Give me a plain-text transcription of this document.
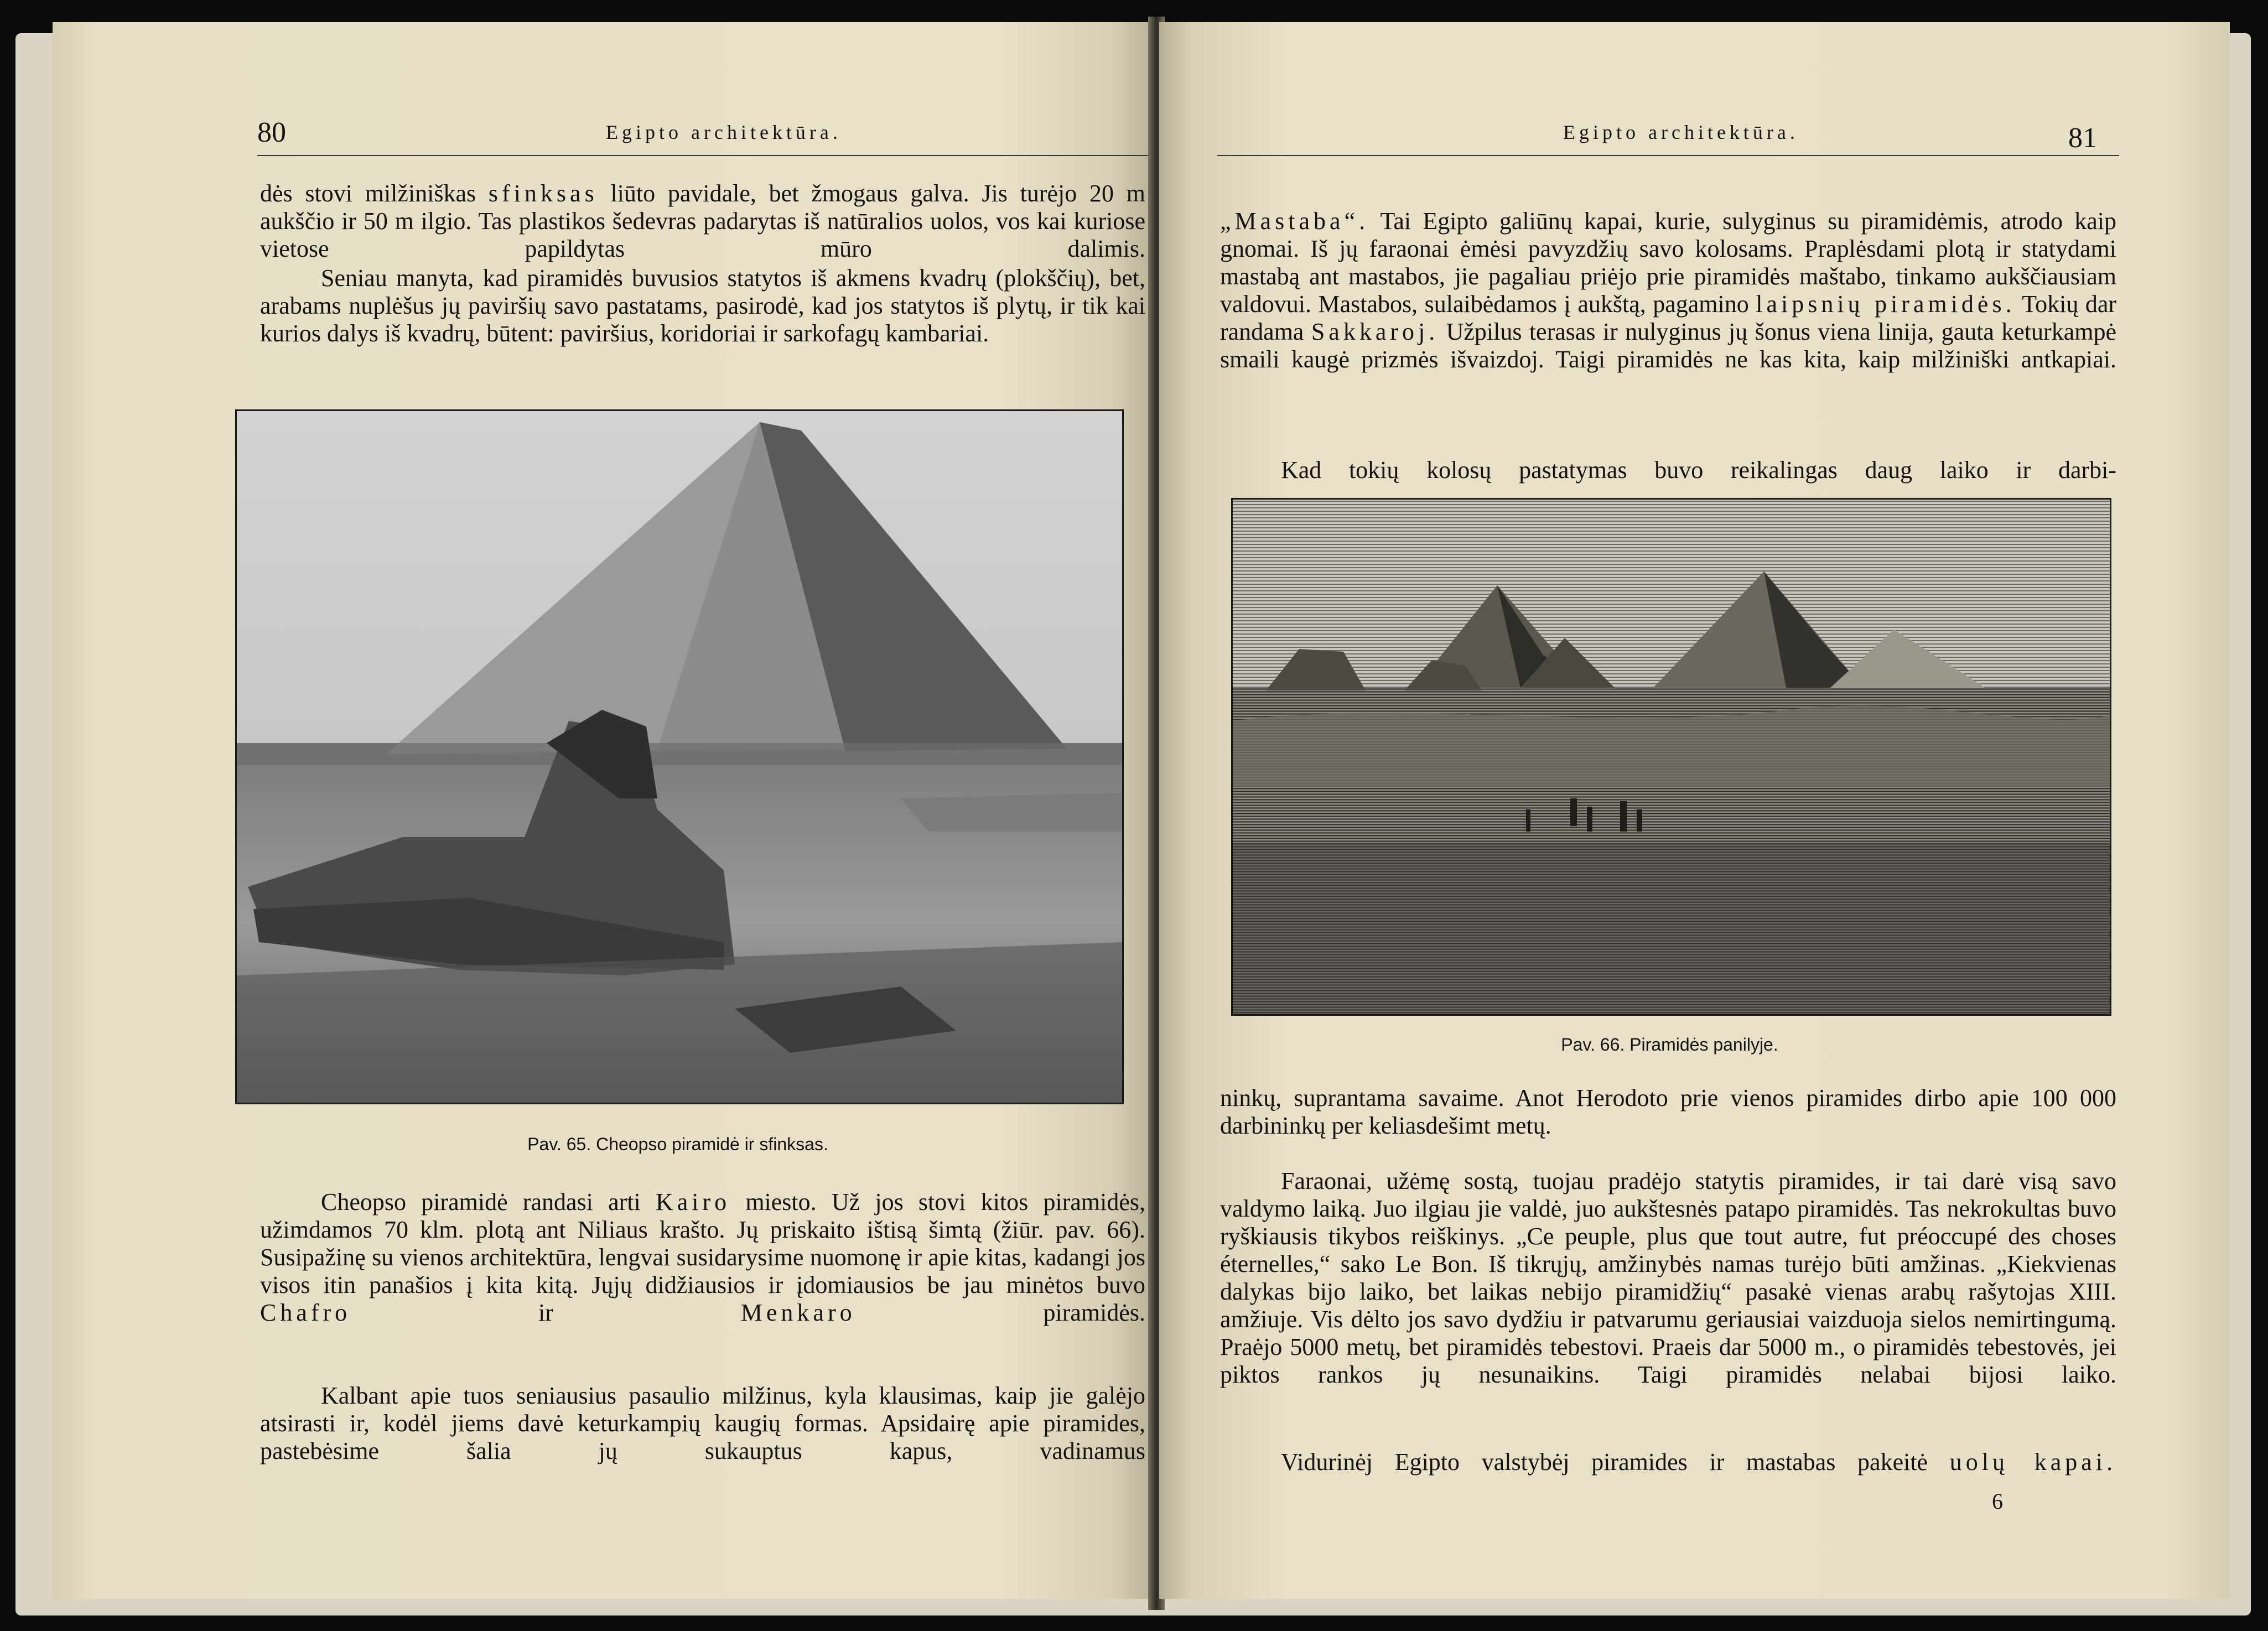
80	Egipto architektūra.

dės stovi milžiniškas sfinksas liūto pavidale, bet žmogaus galva. Jis turėjo 20 m aukščio ir 50 m ilgio. Tas plastikos šedevras padarytas iš natūralios uolos, vos kai kuriose vietose papildytas mūro dalimis.

Seniau manyta, kad piramidės buvusios statytos iš akmens kvadrų (plokščių), bet, arabams nuplėšus jų paviršių savo pastatams, pasirodė, kad jos statytos iš plytų, ir tik kai kurios dalys iš kvadrų, būtent: paviršius, koridoriai ir sarkofagų kambariai.

Pav. 65. Cheopso piramidė ir sfinksas.

Cheopso piramidė randasi arti Kairo miesto. Už jos stovi kitos piramidės, užimdamos 70 klm. plotą ant Niliaus krašto. Jų priskaito ištisą šimtą (žiūr. pav. 66). Susipažinę su vienos architektūra, lengvai susidarysime nuomonę ir apie kitas, kadangi jos visos itin panašios į kita kitą. Jųjų didžiausios ir įdomiausios be jau minėtos buvo Chafro ir Menkaro piramidės.

Kalbant apie tuos seniausius pasaulio milžinus, kyla klausimas, kaip jie galėjo atsirasti ir, kodėl jiems davė keturkampių kaugių formas. Apsidairę apie piramides, pastebėsime šalia jų sukauptus kapus, vadinamus

Egipto architektūra.	81

„Mastaba“. Tai Egipto galiūnų kapai, kurie, sulyginus su piramidėmis, atrodo kaip gnomai. Iš jų faraonai ėmėsi pavyzdžių savo kolosams. Praplėsdami plotą ir statydami mastabą ant mastabos, jie pagaliau priėjo prie piramidės maštabo, tinkamo aukščiausiam valdovui. Mastabos, sulaibėdamos į aukštą, pagamino laipsnių piramidės. Tokių dar randama Sakkaroj. Užpilus terasas ir nulyginus jų šonus viena linija, gauta keturkampė smaili kaugė prizmės išvaizdoj. Taigi piramidės ne kas kita, kaip milžiniški antkapiai.

Kad tokių kolosų pastatymas buvo reikalingas daug laiko ir darbi-

Pav. 66. Piramidės panilyje.

ninkų, suprantama savaime. Anot Herodoto prie vienos piramides dirbo apie 100 000 darbininkų per keliasdešimt metų.

Faraonai, užėmę sostą, tuojau pradėjo statytis piramides, ir tai darė visą savo valdymo laiką. Juo ilgiau jie valdė, juo aukštesnės patapo piramidės. Tas nekrokultas buvo ryškiausis tikybos reiškinys. „Ce peuple, plus que tout autre, fut préoccupé des choses éternelles,“ sako Le Bon. Iš tikrųjų, amžinybės namas turėjo būti amžinas. „Kiekvienas dalykas bijo laiko, bet laikas nebijo piramidžių“ pasakė vienas arabų rašytojas XIII. amžiuje. Vis dėlto jos savo dydžiu ir patvarumu geriausiai vaizduoja sielos nemirtingumą. Praėjo 5000 metų, bet piramidės tebestovi. Praeis dar 5000 m., o piramidės tebestovės, jei piktos rankos jų nesunaikins. Taigi piramidės nelabai bijosi laiko.

Vidurinėj Egipto valstybėj piramides ir mastabas pakeitė uolų kapai.

6
